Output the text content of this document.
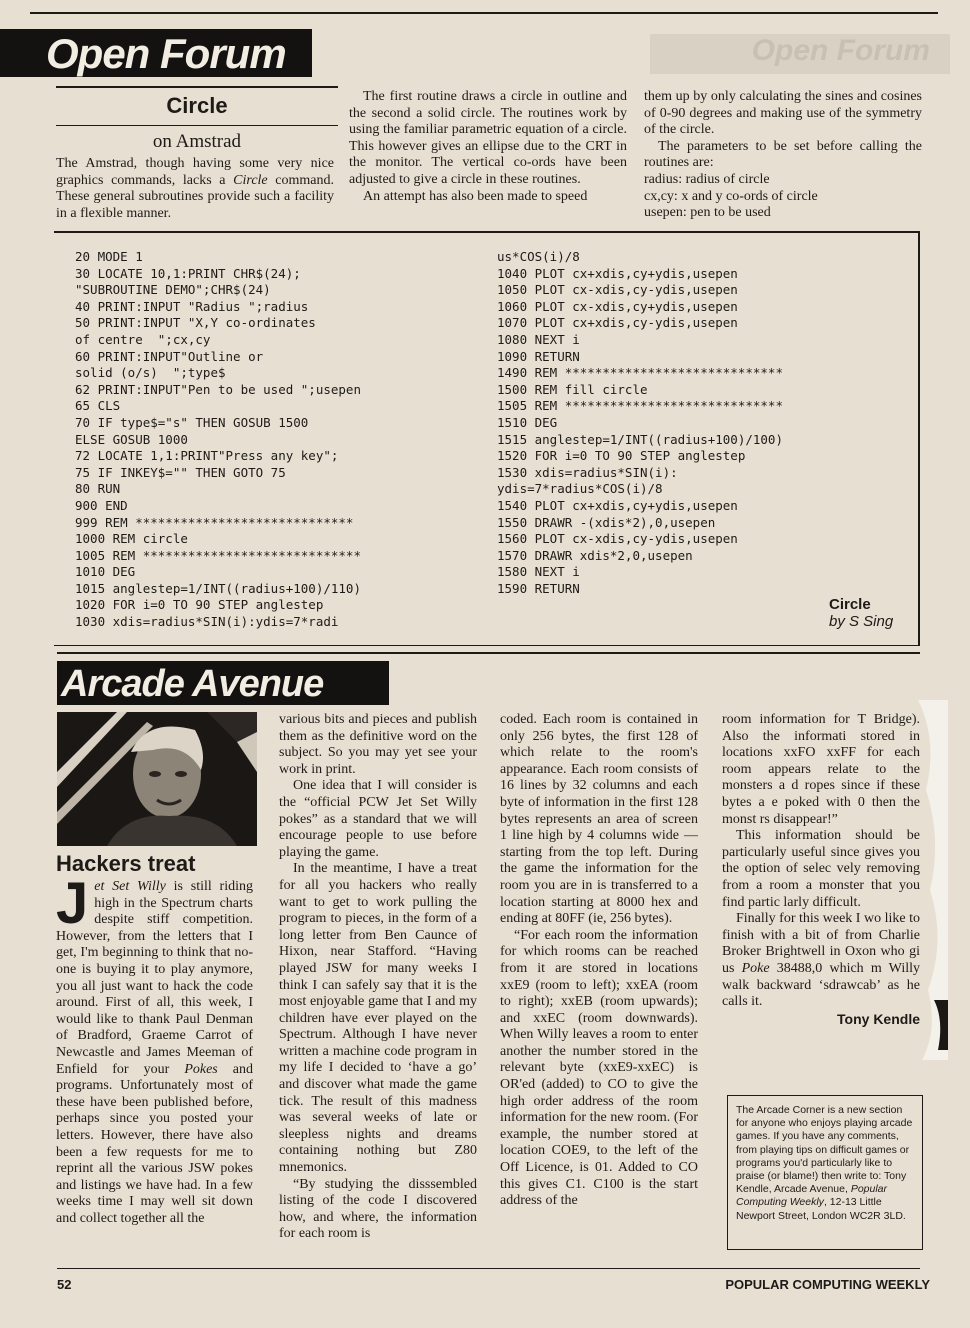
Open Forum	Open Forum
Circle
on Amstrad

The Amstrad, though having some very nice graphics commands, lacks a Circle command. These general subroutines provide such a facility in a flexible manner.

The first routine draws a circle in outline and the second a solid circle. The routines work by using the familiar parametric equation of a circle. This however gives an ellipse due to the CRT in the monitor. The vertical co-ords have been adjusted to give a circle in these routines.

An attempt has also been made to speed

them up by only calculating the sines and cosines of 0-90 degrees and making use of the symmetry of the circle.

The parameters to be set before calling the routines are:

radius: radius of circle

cx,cy: x and y co-ords of circle

usepen: pen to be used

20 MODE 1
30 LOCATE 10,1:PRINT CHR$(24);
"SUBROUTINE DEMO";CHR$(24)
40 PRINT:INPUT "Radius ";radius
50 PRINT:INPUT "X,Y co-ordinates
of centre  ";cx,cy
60 PRINT:INPUT"Outline or
solid (o/s)  ";type$
62 PRINT:INPUT"Pen to be used ";usepen
65 CLS
70 IF type$="s" THEN GOSUB 1500
ELSE GOSUB 1000
72 LOCATE 1,1:PRINT"Press any key";
75 IF INKEY$="" THEN GOTO 75
80 RUN
900 END
999 REM *****************************
1000 REM circle
1005 REM *****************************
1010 DEG
1015 anglestep=1/INT((radius+100)/110)
1020 FOR i=0 TO 90 STEP anglestep
1030 xdis=radius*SIN(i):ydis=7*radi
us*COS(i)/8
1040 PLOT cx+xdis,cy+ydis,usepen
1050 PLOT cx-xdis,cy-ydis,usepen
1060 PLOT cx-xdis,cy+ydis,usepen
1070 PLOT cx+xdis,cy-ydis,usepen
1080 NEXT i
1090 RETURN
1490 REM *****************************
1500 REM fill circle
1505 REM *****************************
1510 DEG
1515 anglestep=1/INT((radius+100)/100)
1520 FOR i=0 TO 90 STEP anglestep
1530 xdis=radius*SIN(i):
ydis=7*radius*COS(i)/8
1540 PLOT cx+xdis,cy+ydis,usepen
1550 DRAWR -(xdis*2),0,usepen
1560 PLOT cx-xdis,cy-ydis,usepen
1570 DRAWR xdis*2,0,usepen
1580 NEXT i
1590 RETURN
Circle
by S Sing
Arcade Avenue
Hackers treat

Jet Set Willy is still riding high in the Spectrum charts despite stiff competition. However, from the letters that I get, I'm beginning to think that no-one is buying it to play anymore, you all just want to hack the code around. First of all, this week, I would like to thank Paul Denman of Bradford, Graeme Carrot of Newcastle and James Meeman of Enfield for your Pokes and programs. Unfortunately most of these have been published before, perhaps since you posted your letters. However, there have also been a few requests for me to reprint all the various JSW pokes and listings we have had. In a few weeks time I may well sit down and collect together all the

various bits and pieces and publish them as the definitive word on the subject. So you may yet see your work in print.

One idea that I will consider is the “official PCW Jet Set Willy pokes” as a standard that we will encourage people to use before playing the game.

In the meantime, I have a treat for all you hackers who really want to get to work pulling the program to pieces, in the form of a long letter from Ben Caunce of Hixon, near Stafford. “Having played JSW for many weeks I think I can safely say that it is the most enjoyable game that I and my children have ever played on the Spectrum. Although I have never written a machine code program in my life I decided to ‘have a go’ and discover what made the game tick. The result of this madness was several weeks of late or sleepless nights and dreams containing nothing but Z80 mnemonics.

“By studying the disssembled listing of the code I discovered how, and where, the information for each room is

coded. Each room is contained in only 256 bytes, the first 128 of which relate to the room's appearance. Each room consists of 16 lines by 32 columns and each byte of information in the first 128 bytes represents an area of screen 1 line high by 4 columns wide — starting from the top left. During the game the information for the room you are in is transferred to a location starting at 8000 hex and ending at 80FF (ie, 256 bytes).

“For each room the information for which rooms can be reached from it are stored in locations xxE9 (room to left); xxEA (room to right); xxEB (room upwards); and xxEC (room downwards). When Willy leaves a room to enter another the number stored in the relevant byte (xxE9-xxEC) is OR'ed (added) to CO to give the high order address of the room information for the new room. (For example, the number stored at location COE9, to the left of the Off Licence, is 01. Added to CO this gives C1. C100 is the start address of the

room information for T Bridge). Also the informati stored in locations xxFO xxFF for each room appears relate to the monsters a d ropes since if these bytes a e poked with 0 then the monst rs disappear!”

This information should be particularly useful since gives you the option of selec vely removing from a room a monster that you find partic larly difficult.

Finally for this week I wo like to finish with a bit of from Charlie Broker Brightwell in Oxon who gi us Poke 38488,0 which m Willy walk backward ‘sdrawcab’ as he calls it.

Tony Kendle

The Arcade Corner is a new section for anyone who enjoys playing arcade games. If you have any comments, from playing tips on difficult games or programs you'd particularly like to praise (or blame!) then write to: Tony Kendle, Arcade Avenue, Popular Computing Weekly, 12-13 Little Newport Street, London WC2R 3LD.
52	POPULAR COMPUTING WEEKLY
